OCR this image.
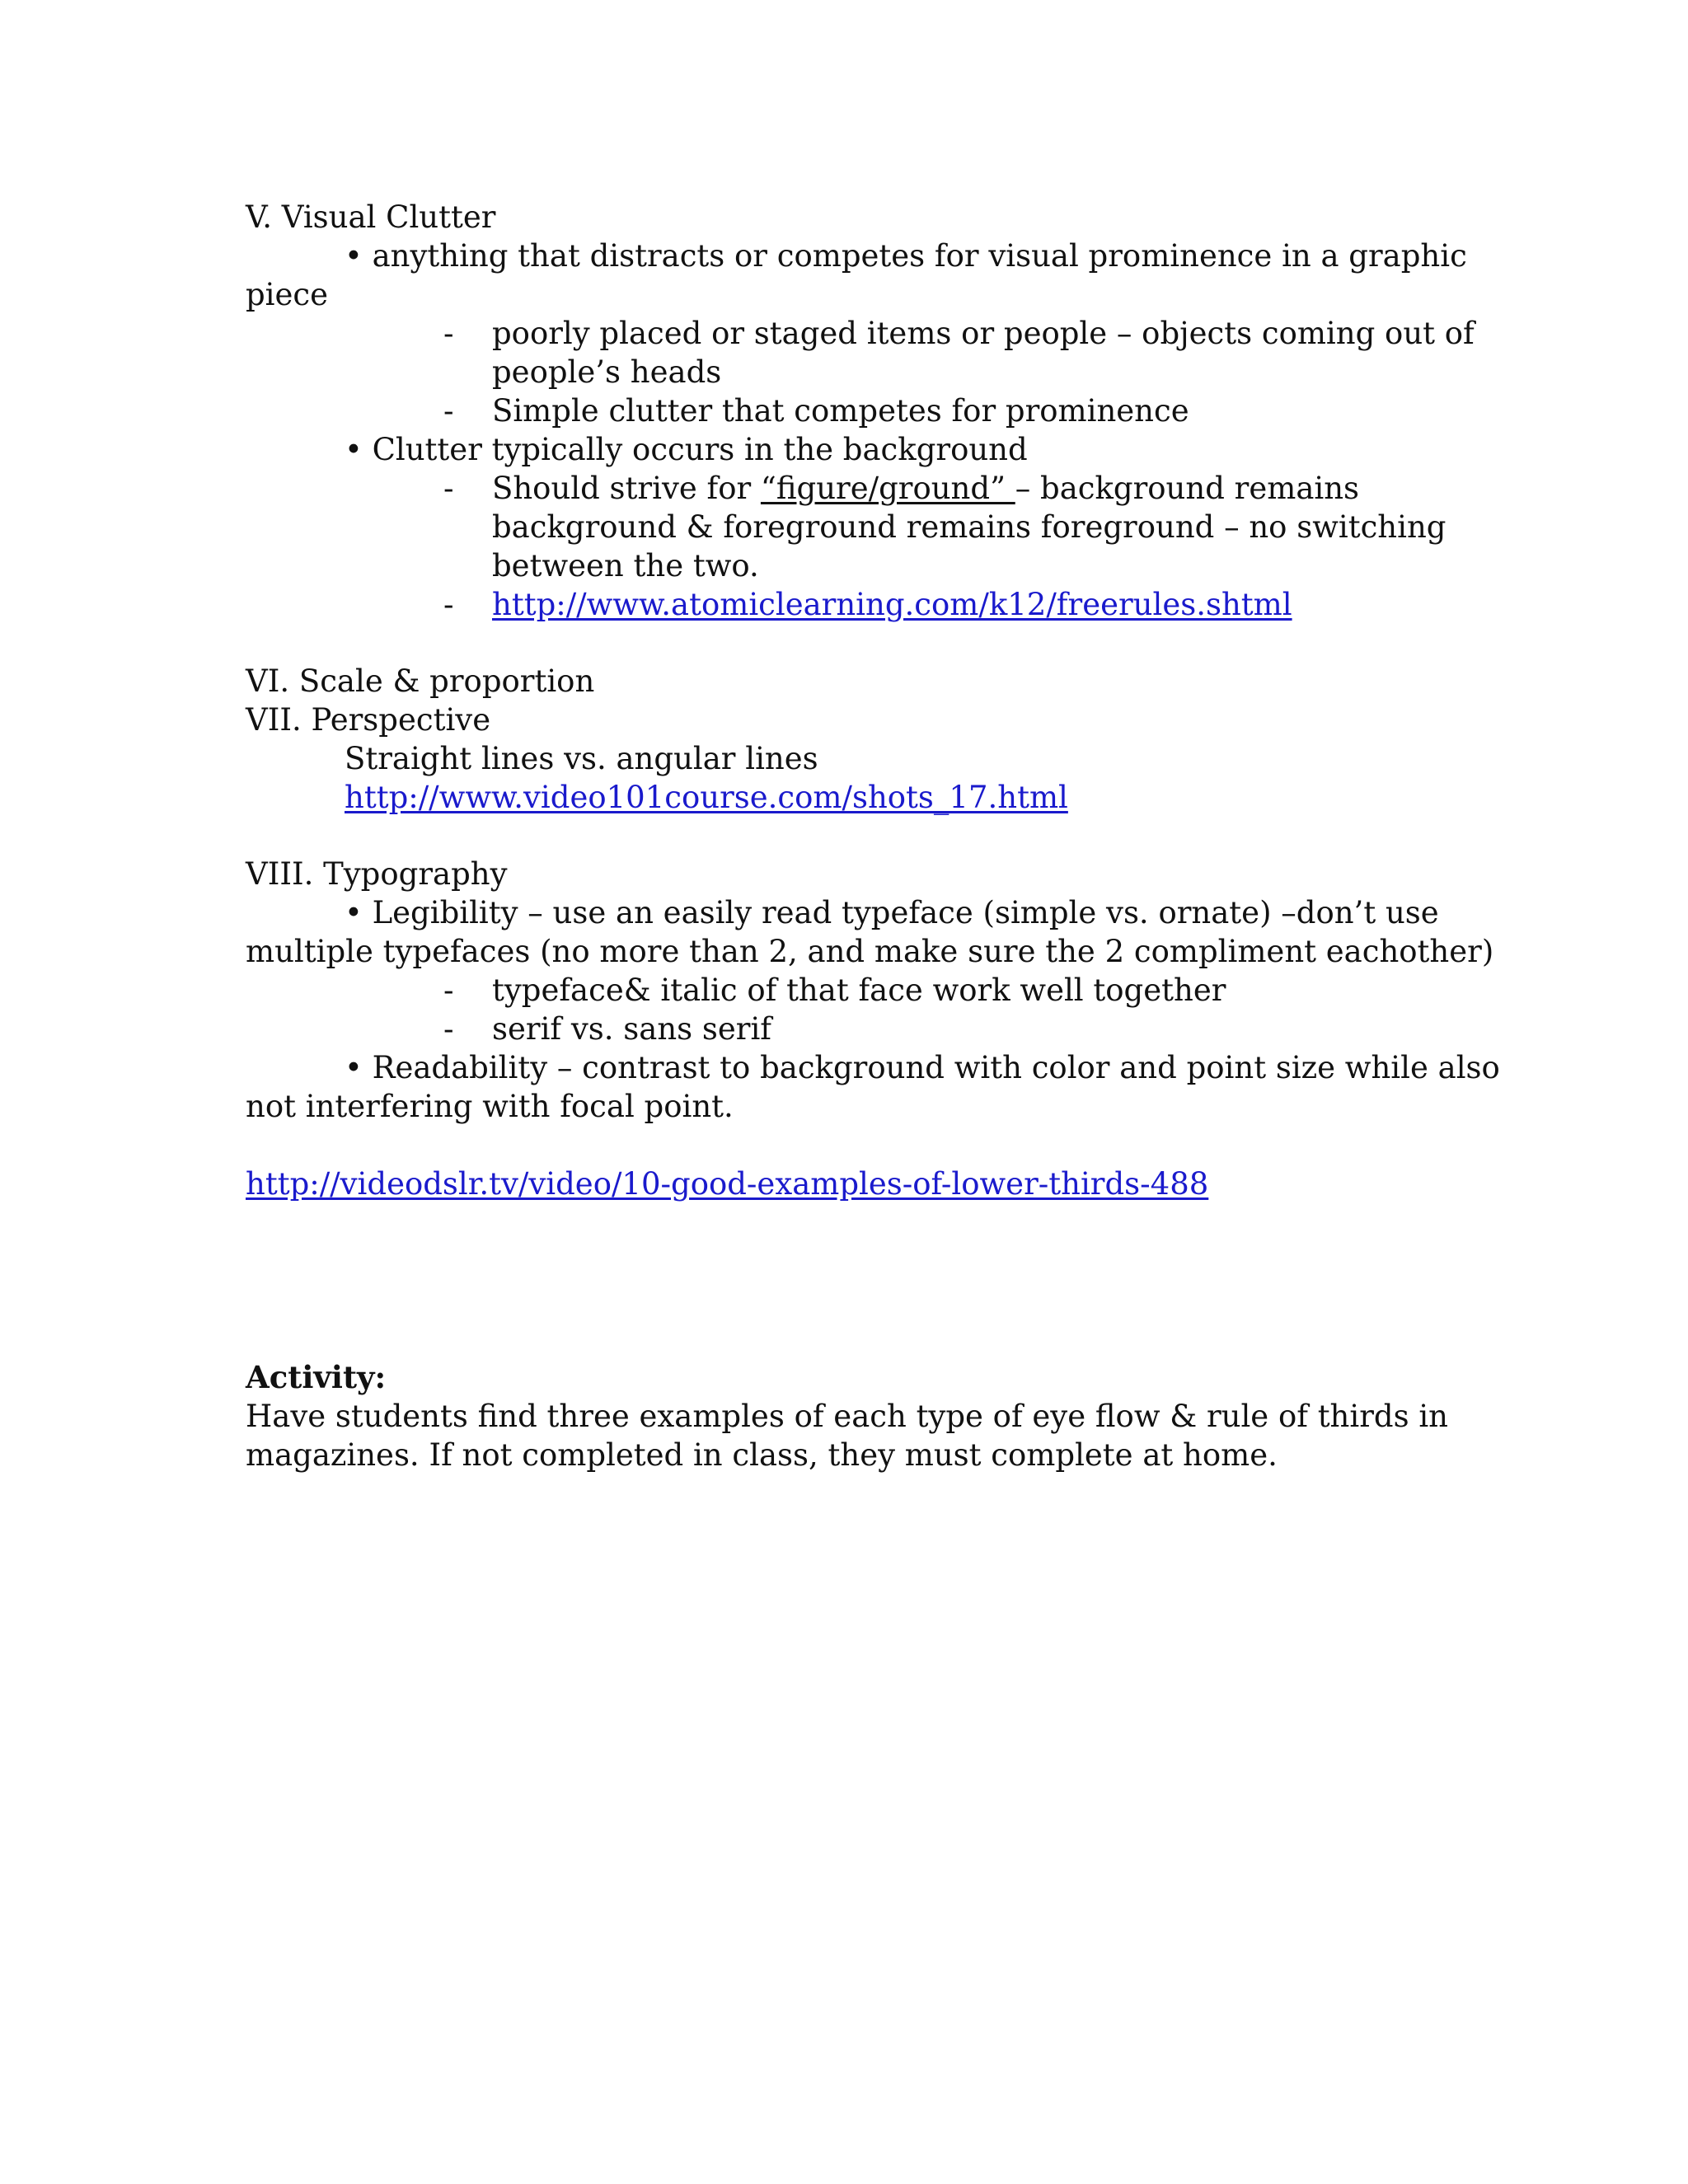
V. Visual Clutter
• anything that distracts or competes for visual prominence in a graphic
piece
- poorly placed or staged items or people – objects coming out of
people’s heads
- Simple clutter that competes for prominence
• Clutter typically occurs in the background
- Should strive for “figure/ground” – background remains
background & foreground remains foreground – no switching
between the two.
- http://www.atomiclearning.com/k12/freerules.shtml
VI. Scale & proportion
VII. Perspective
Straight lines vs. angular lines
http://www.video101course.com/shots_17.html
VIII. Typography
• Legibility – use an easily read typeface (simple vs. ornate) –don’t use
multiple typefaces (no more than 2, and make sure the 2 compliment eachother)
- typeface& italic of that face work well together
- serif vs. sans serif
• Readability – contrast to background with color and point size while also
not interfering with focal point.
http://videodslr.tv/video/10-good-examples-of-lower-thirds-488
Activity:
Have students find three examples of each type of eye flow & rule of thirds in
magazines. If not completed in class, they must complete at home.
